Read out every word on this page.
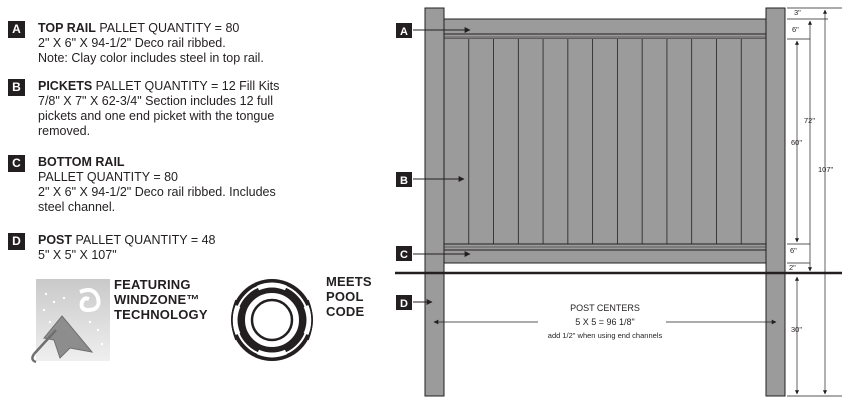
A	TOP RAIL PALLET QUANTITY = 80
2" X 6" X 94-1/2" Deco rail ribbed.
Note: Clay color includes steel in top rail.
B	PICKETS PALLET QUANTITY = 12 Fill Kits
7/8" X 7" X 62-3/4" Section includes 12 full
pickets and one end picket with the tongue
removed.
C	BOTTOM RAIL
PALLET QUANTITY = 80
2" X 6" X 94-1/2" Deco rail ribbed. Includes
steel channel.
D	POST PALLET QUANTITY = 48
5" X 5" X 107"
FEATURING
WINDZONE™
TECHNOLOGY
MEETS
POOL
CODE
A
B
C
D
3"
6"
72"
60"
107"
6"
2"
30"
POST CENTERS
5 X 5 = 96 1/8"
add 1/2" when using end channels
